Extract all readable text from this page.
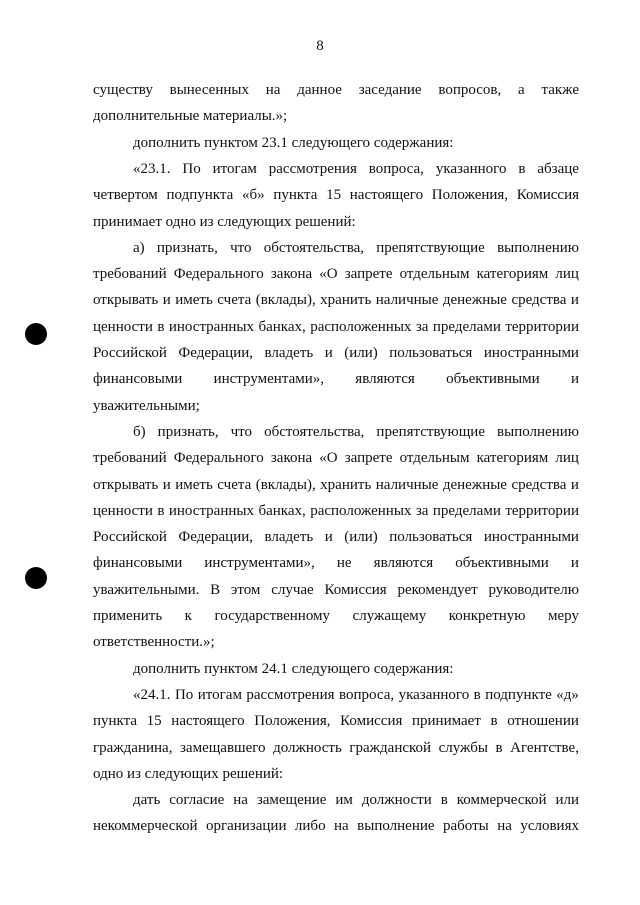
8
существу вынесенных на данное заседание вопросов, а также
дополнительные материалы.»;
дополнить пунктом 23.1 следующего содержания:
«23.1. По итогам рассмотрения вопроса, указанного в абзаце
четвертом подпункта «б» пункта 15 настоящего Положения, Комиссия
принимает одно из следующих решений:
а) признать, что обстоятельства, препятствующие выполнению
требований Федерального закона «О запрете отдельным категориям лиц
открывать и иметь счета (вклады), хранить наличные денежные средства и
ценности в иностранных банках, расположенных за пределами территории
Российской Федерации, владеть и (или) пользоваться иностранными
финансовыми инструментами», являются объективными и
уважительными;
б) признать, что обстоятельства, препятствующие выполнению
требований Федерального закона «О запрете отдельным категориям лиц
открывать и иметь счета (вклады), хранить наличные денежные средства и
ценности в иностранных банках, расположенных за пределами территории
Российской Федерации, владеть и (или) пользоваться иностранными
финансовыми инструментами», не являются объективными и
уважительными. В этом случае Комиссия рекомендует руководителю
применить к государственному служащему конкретную меру
ответственности.»;
дополнить пунктом 24.1 следующего содержания:
«24.1. По итогам рассмотрения вопроса, указанного в подпункте «д»
пункта 15 настоящего Положения, Комиссия принимает в отношении
гражданина, замещавшего должность гражданской службы в Агентстве,
одно из следующих решений:
дать согласие на замещение им должности в коммерческой или
некоммерческой организации либо на выполнение работы на условиях
